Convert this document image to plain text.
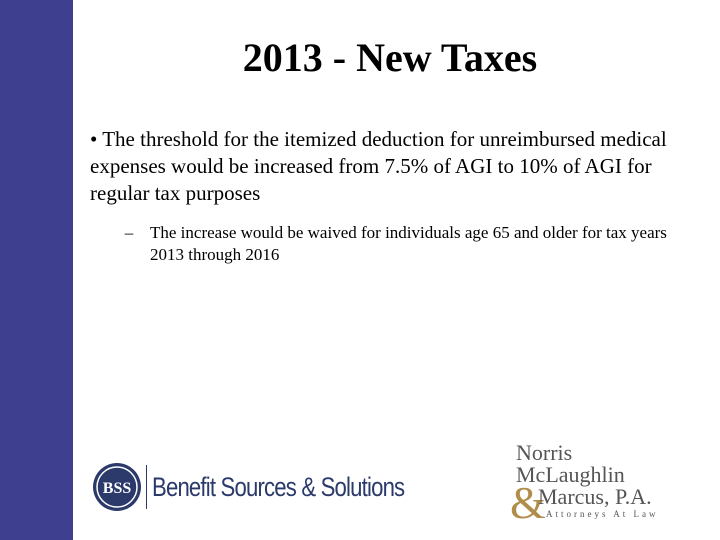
2013 - New Taxes

• The threshold for the itemized deduction for unreimbursed medical expenses would be increased from 7.5% of AGI to 10% of AGI for regular tax purposes

– The increase would be waived for individuals age 65 and older for tax years 2013 through 2016

BSS Benefit Sources & Solutions
Norris
McLaughlin
&
Marcus, P.A.
Attorneys At Law
